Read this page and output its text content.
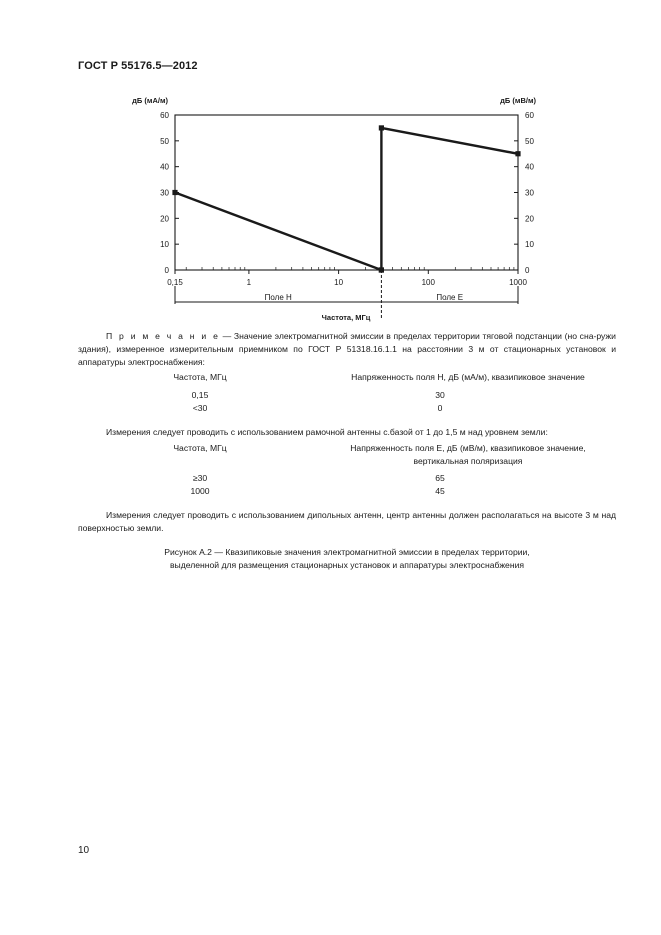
ГОСТ Р 55176.5—2012
дБ (мА/м)	дБ (мВ/м)
0	0
10	10
20	20
30	30
40	40
50	50
60	60
0,15	1	10	100	1000
Поле H	Поле E
Частота, МГц
П р и м е ч а н и е — Значение электромагнитной эмиссии в пределах территории тяговой подстанции (но сна-ружи здания), измеренное измерительным приемником по ГОСТ Р 51318.16.1.1 на расстоянии 3 м от стационарных установок и аппаратуры электроснабжения:
Частота, МГц	Напряженность поля H, дБ (мА/м), квазипиковое значение
0,15	30
<30	0
Измерения следует проводить с использованием рамочной антенны с.базой от 1 до 1,5 м над уровнем земли:
Частота, МГц	Напряженность поля E, дБ (мВ/м), квазипиковое значение,
вертикальная поляризация
≥30	65
1000	45
Измерения следует проводить с использованием дипольных антенн, центр антенны должен располагаться на высоте 3 м над поверхностью земли.
Рисунок А.2 — Квазипиковые значения электромагнитной эмиссии в пределах территории,
выделенной для размещения стационарных установок и аппаратуры электроснабжения
10
